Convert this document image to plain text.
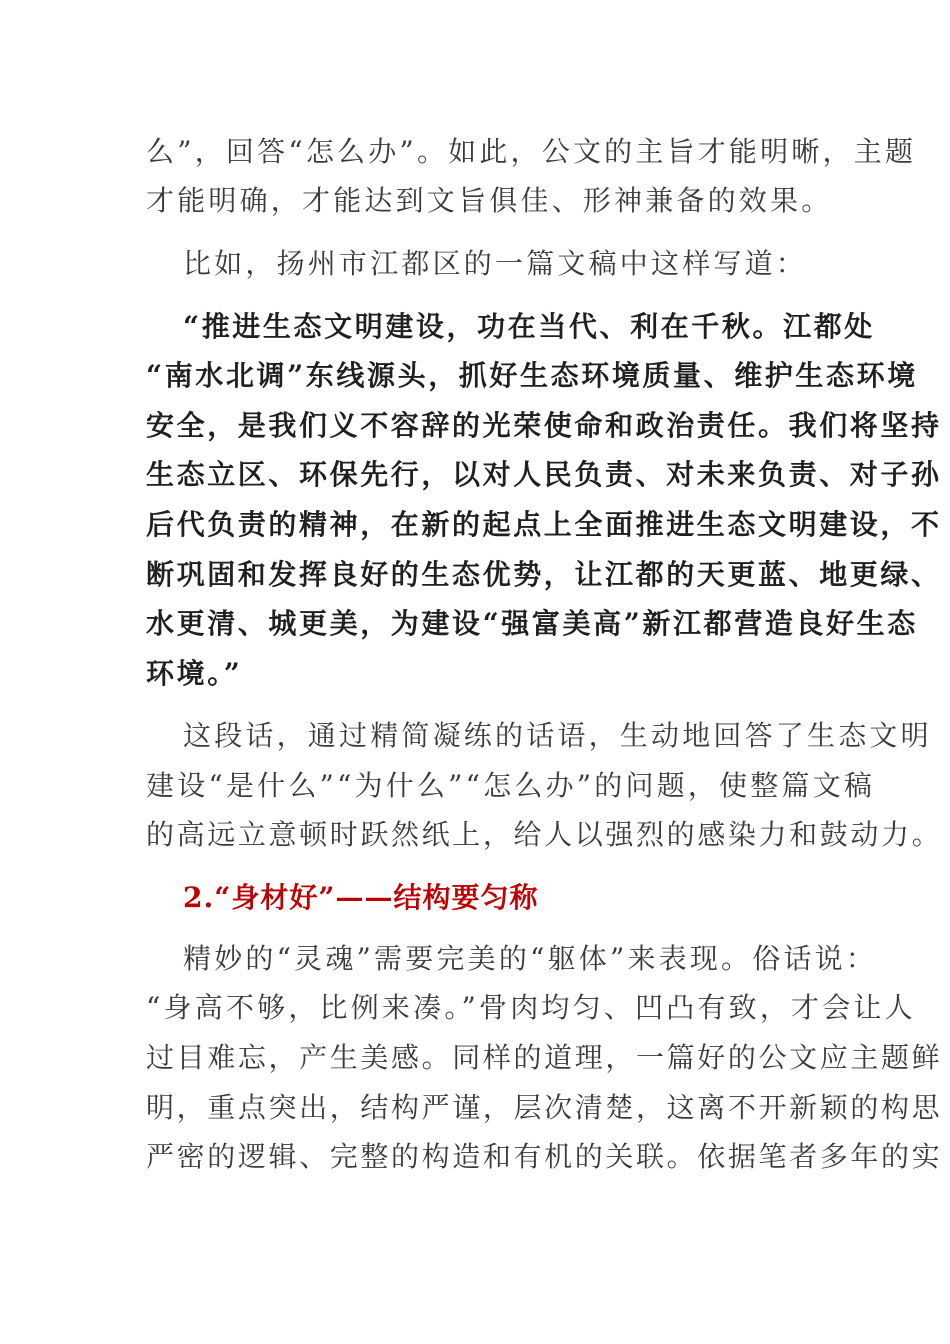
么”，回答“怎么办”。如此，公文的主旨才能明晰，主题
才能明确，才能达到文旨俱佳、形神兼备的效果。
比如，扬州市江都区的一篇文稿中这样写道：
“推进生态文明建设，功在当代、利在千秋。江都处
“南水北调”东线源头，抓好生态环境质量、维护生态环境
安全，是我们义不容辞的光荣使命和政治责任。我们将坚持
生态立区、环保先行，以对人民负责、对未来负责、对子孙
后代负责的精神，在新的起点上全面推进生态文明建设，不
断巩固和发挥良好的生态优势，让江都的天更蓝、地更绿、
水更清、城更美，为建设“强富美高”新江都营造良好生态
环境。”
这段话，通过精简凝练的话语，生动地回答了生态文明
建设“是什么”“为什么”“怎么办”的问题，使整篇文稿
的高远立意顿时跃然纸上，给人以强烈的感染力和鼓动力。
2.“身材好”——结构要匀称
精妙的“灵魂”需要完美的“躯体”来表现。俗话说：
“身高不够，比例来凑。”骨肉均匀、凹凸有致，才会让人
过目难忘，产生美感。同样的道理，一篇好的公文应主题鲜
明，重点突出，结构严谨，层次清楚，这离不开新颖的构思
严密的逻辑、完整的构造和有机的关联。依据笔者多年的实
